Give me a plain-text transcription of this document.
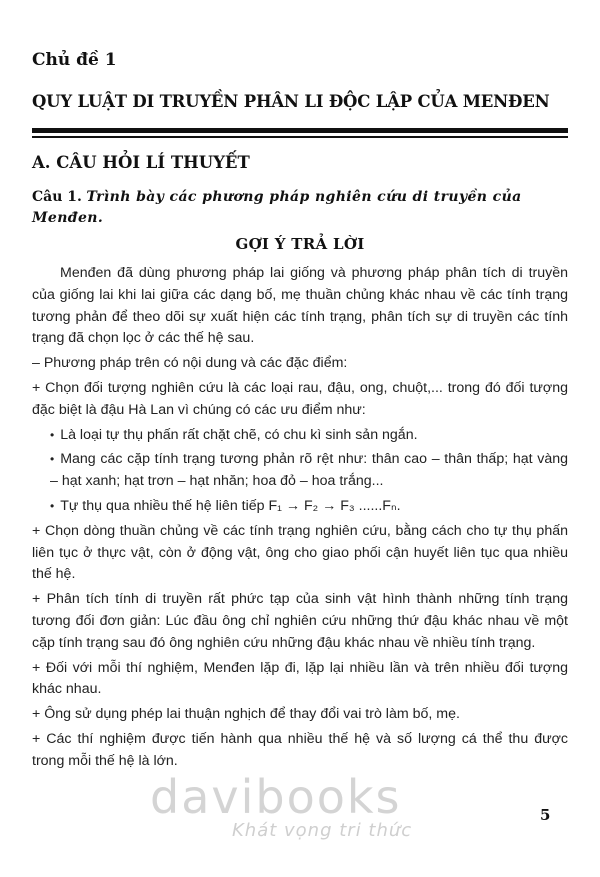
Chủ đề 1
QUY LUẬT DI TRUYỀN PHÂN LI ĐỘC LẬP CỦA MENĐEN
A. CÂU HỎI LÍ THUYẾT
Câu 1. Trình bày các phương pháp nghiên cứu di truyền của Menđen.
GỢI Ý TRẢ LỜI

Menđen đã dùng phương pháp lai giống và phương pháp phân tích di truyền của giống lai khi lai giữa các dạng bố, mẹ thuần chủng khác nhau về các tính trạng tương phản để theo dõi sự xuất hiện các tính trạng, phân tích sự di truyền các tính trạng đã chọn lọc ở các thế hệ sau.

– Phương pháp trên có nội dung và các đặc điểm:

+ Chọn đối tượng nghiên cứu là các loại rau, đậu, ong, chuột,... trong đó đối tượng đặc biệt là đậu Hà Lan vì chúng có các ưu điểm như:

• Là loại tự thụ phấn rất chặt chẽ, có chu kì sinh sản ngắn.

• Mang các cặp tính trạng tương phản rõ rệt như: thân cao – thân thấp; hạt vàng – hạt xanh; hạt trơn – hạt nhăn; hoa đỏ – hoa trắng...

• Tự thụ qua nhiều thế hệ liên tiếp F₁ → F₂ → F₃ ......Fₙ.

+ Chọn dòng thuần chủng về các tính trạng nghiên cứu, bằng cách cho tự thụ phấn liên tục ở thực vật, còn ở động vật, ông cho giao phối cận huyết liên tục qua nhiều thế hệ.

+ Phân tích tính di truyền rất phức tạp của sinh vật hình thành những tính trạng tương đối đơn giản: Lúc đầu ông chỉ nghiên cứu những thứ đậu khác nhau về một cặp tính trạng sau đó ông nghiên cứu những đậu khác nhau về nhiều tính trạng.

+ Đối với mỗi thí nghiệm, Menđen lặp đi, lặp lại nhiều lần và trên nhiều đối tượng khác nhau.

+ Ông sử dụng phép lai thuận nghịch để thay đổi vai trò làm bố, mẹ.

+ Các thí nghiệm được tiến hành qua nhiều thế hệ và số lượng cá thể thu được trong mỗi thế hệ là lớn.

davibooks
Khát vọng tri thức
5
